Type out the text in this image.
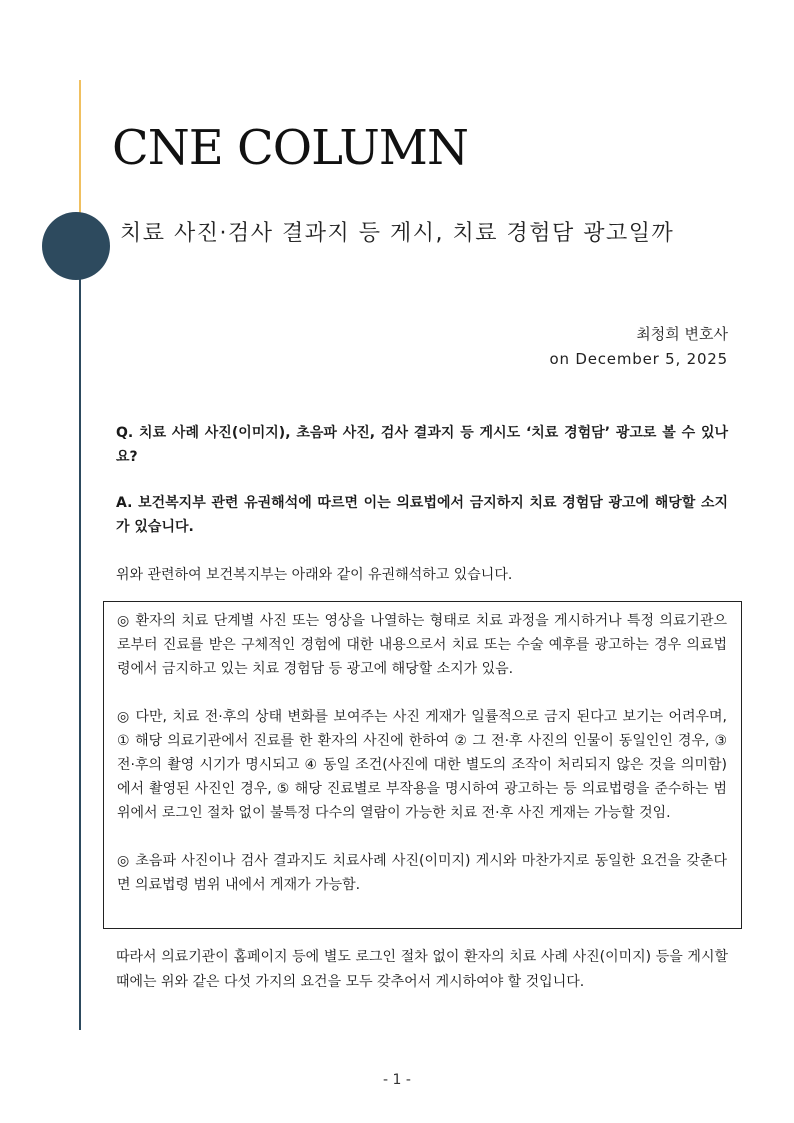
CNE COLUMN
치료 사진·검사 결과지 등 게시, 치료 경험담 광고일까
최청희 변호사
on December 5, 2025
Q. 치료 사례 사진(이미지), 초음파 사진, 검사 결과지 등 게시도 ‘치료 경험담’ 광고로 볼 수 있나요?
A. 보건복지부 관련 유권해석에 따르면 이는 의료법에서 금지하지 치료 경험담 광고에 해당할 소지가 있습니다.
위와 관련하여 보건복지부는 아래와 같이 유권해석하고 있습니다.

◎ 환자의 치료 단계별 사진 또는 영상을 나열하는 형태로 치료 과정을 게시하거나 특정 의료기관으로부터 진료를 받은 구체적인 경험에 대한 내용으로서 치료 또는 수술 예후를 광고하는 경우 의료법령에서 금지하고 있는 치료 경험담 등 광고에 해당할 소지가 있음.

◎ 다만, 치료 전·후의 상태 변화를 보여주는 사진 게재가 일률적으로 금지 된다고 보기는 어려우며, ① 해당 의료기관에서 진료를 한 환자의 사진에 한하여 ② 그 전·후 사진의 인물이 동일인인 경우, ③ 전·후의 촬영 시기가 명시되고 ④ 동일 조건(사진에 대한 별도의 조작이 처리되지 않은 것을 의미함)에서 촬영된 사진인 경우, ⑤ 해당 진료별로 부작용을 명시하여 광고하는 등 의료법령을 준수하는 범위에서 로그인 절차 없이 불특정 다수의 열람이 가능한 치료 전·후 사진 게재는 가능할 것임.

◎ 초음파 사진이나 검사 결과지도 치료사례 사진(이미지) 게시와 마찬가지로 동일한 요건을 갖춘다면 의료법령 범위 내에서 게재가 가능함.

따라서 의료기관이 홈페이지 등에 별도 로그인 절차 없이 환자의 치료 사례 사진(이미지) 등을 게시할 때에는 위와 같은 다섯 가지의 요건을 모두 갖추어서 게시하여야 할 것입니다.
- 1 -
